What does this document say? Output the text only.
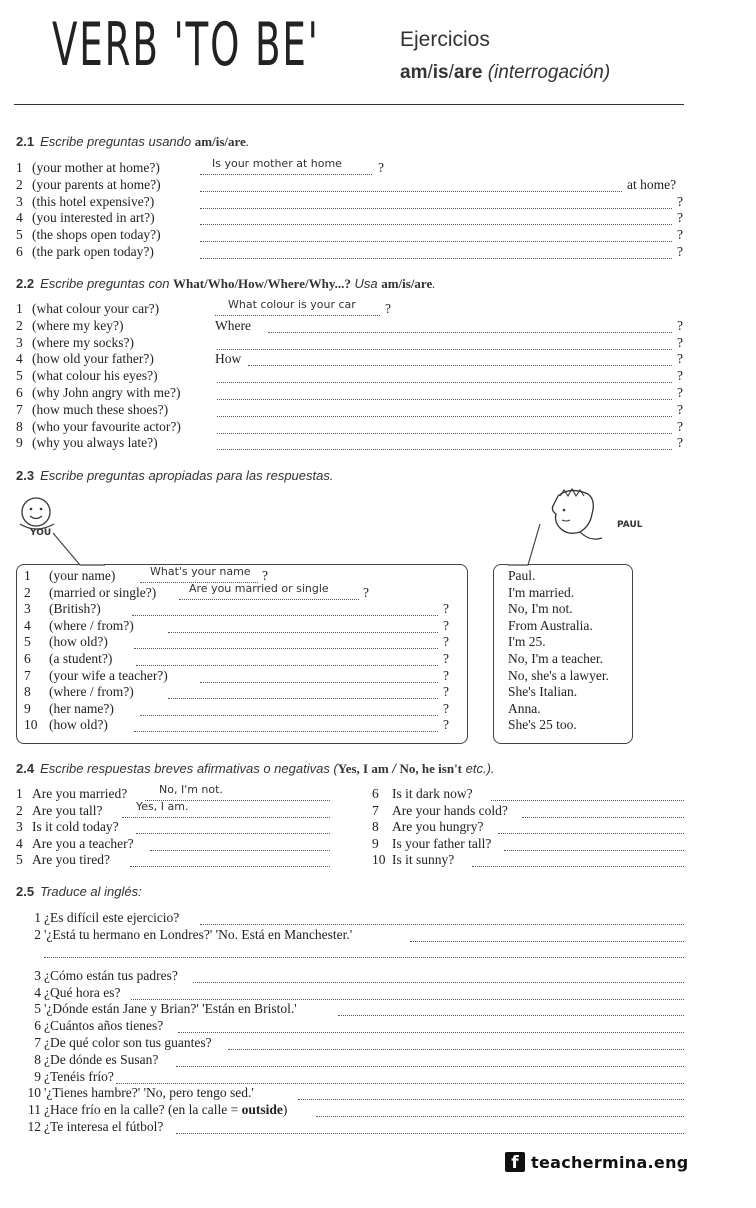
VERB 'TO BE'	Ejercicios
am/is/are (interrogación)
2.1 Escribe preguntas usando am/is/are.
1 (your mother at home?)	Is your mother at home	?
2 (your parents at home?)	at home?
3 (this hotel expensive?)	?
4 (you interested in art?)	?
5 (the shops open today?)	?
6 (the park open today?)	?
2.2 Escribe preguntas con What/Who/How/Where/Why...? Usa am/is/are.
1 (what colour your car?)	What colour is your car ?
2 (where my key?)	Where	?
3 (where my socks?)	?
4 (how old your father?)	How	?
5 (what colour his eyes?)	?
6 (why John angry with me?)	?
7 (how much these shoes?)	?
8 (who your favourite actor?)	?
9 (why you always late?)	?
2.3 Escribe preguntas apropiadas para las respuestas.
YOU
PAUL
1 (your name)	What's your name ?
2 (married or single?)	Are you married or single	?
3 (British?)	?
4 (where / from?)	?
5 (how old?)	?
6 (a student?)	?
7 (your wife a teacher?)	?
8 (where / from?)	?
9 (her name?)	?
10 (how old?)	?
Paul.
I'm married.
No, I'm not.
From Australia.
I'm 25.
No, I'm a teacher.
No, she's a lawyer.
She's Italian.
Anna.
She's 25 too.
2.4 Escribe respuestas breves afirmativas o negativas (Yes, I am / No, he isn't etc.).
1 Are you married?	No, I'm not.
2 Are you tall?	Yes, I am.
3 Is it cold today?
4 Are you a teacher?
5 Are you tired?
6 Is it dark now?
7 Are your hands cold?
8 Are you hungry?
9 Is your father tall?
10 Is it sunny?
2.5 Traduce al inglés:
1 ¿Es difícil este ejercicio?
2 '¿Está tu hermano en Londres?' 'No. Está en Manchester.'
3 ¿Cómo están tus padres?
4 ¿Qué hora es?
5 '¿Dónde están Jane y Brian?' 'Están en Bristol.'
6 ¿Cuántos años tienes?
7 ¿De qué color son tus guantes?
8 ¿De dónde es Susan?
9 ¿Tenéis frío?
10 '¿Tienes hambre?' 'No, pero tengo sed.'
11 ¿Hace frío en la calle? (en la calle = outside)
12 ¿Te interesa el fútbol?
f teachermina.eng
